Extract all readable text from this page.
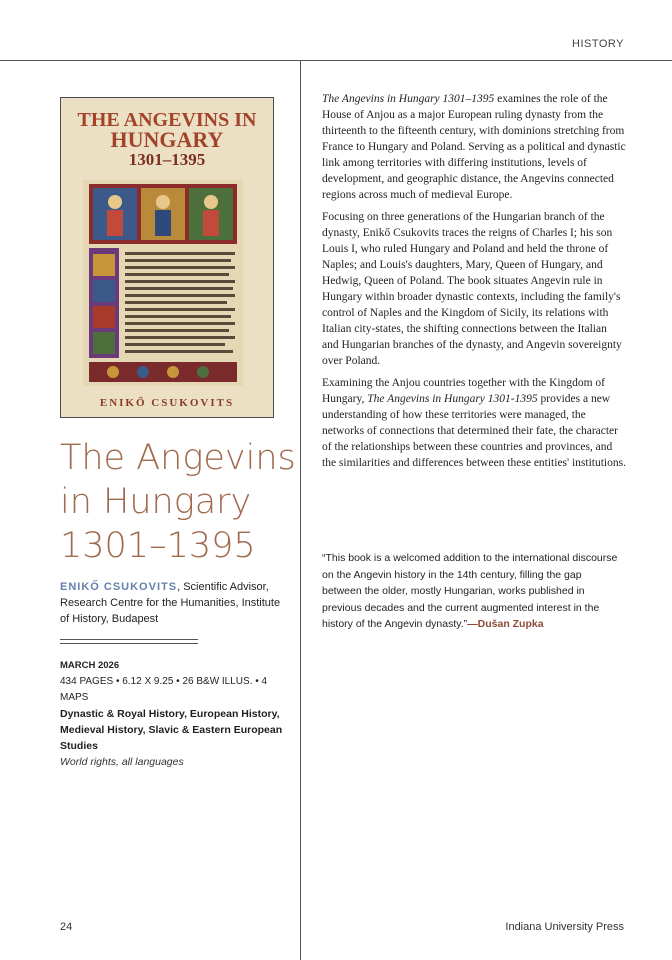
HISTORY
THE ANGEVINS IN
HUNGARY
1301–1395
ENIKŐ CSUKOVITS
The Angevins
in Hungary
1301–1395
ENIKŐ CSUKOVITS, Scientific Advisor, Research Centre for the Humanities, Institute of History, Budapest
MARCH 2026
434 PAGES • 6.12 X 9.25 • 26 B&W ILLUS. • 4 MAPS
Dynastic & Royal History, European History, Medieval History, Slavic & Eastern European Studies
World rights, all languages

The Angevins in Hungary 1301–1395 examines the role of the House of Anjou as a major European ruling dynasty from the thirteenth to the fifteenth century, with dominions stretching from France to Hungary and Poland. Serving as a political and dynastic link among territories with differing institutions, levels of development, and geographic distance, the Angevins connected regions across much of medieval Europe.

Focusing on three generations of the Hungarian branch of the dynasty, Enikő Csukovits traces the reigns of Charles I; his son Louis I, who ruled Hungary and Poland and held the throne of Naples; and Louis's daughters, Mary, Queen of Hungary, and Hedwig, Queen of Poland. The book situates Angevin rule in Hungary within broader dynastic contexts, including the family's control of Naples and the Kingdom of Sicily, its relations with Italian city-states, the shifting connections between the Italian and Hungarian branches of the dynasty, and Angevin sovereignty over Poland.

Examining the Anjou countries together with the Kingdom of Hungary, The Angevins in Hungary 1301-1395 provides a new understanding of how these territories were managed, the networks of connections that determined their fate, the character of the relationships between these countries and provinces, and the similarities and differences between these entities' institutions.

“This book is a welcomed addition to the international discourse on the Angevin history in the 14th century, filling the gap between the older, mostly Hungarian, works published in previous decades and the current augmented interest in the history of the Angevin dynasty.”—Dušan Zupka
24	Indiana University Press
